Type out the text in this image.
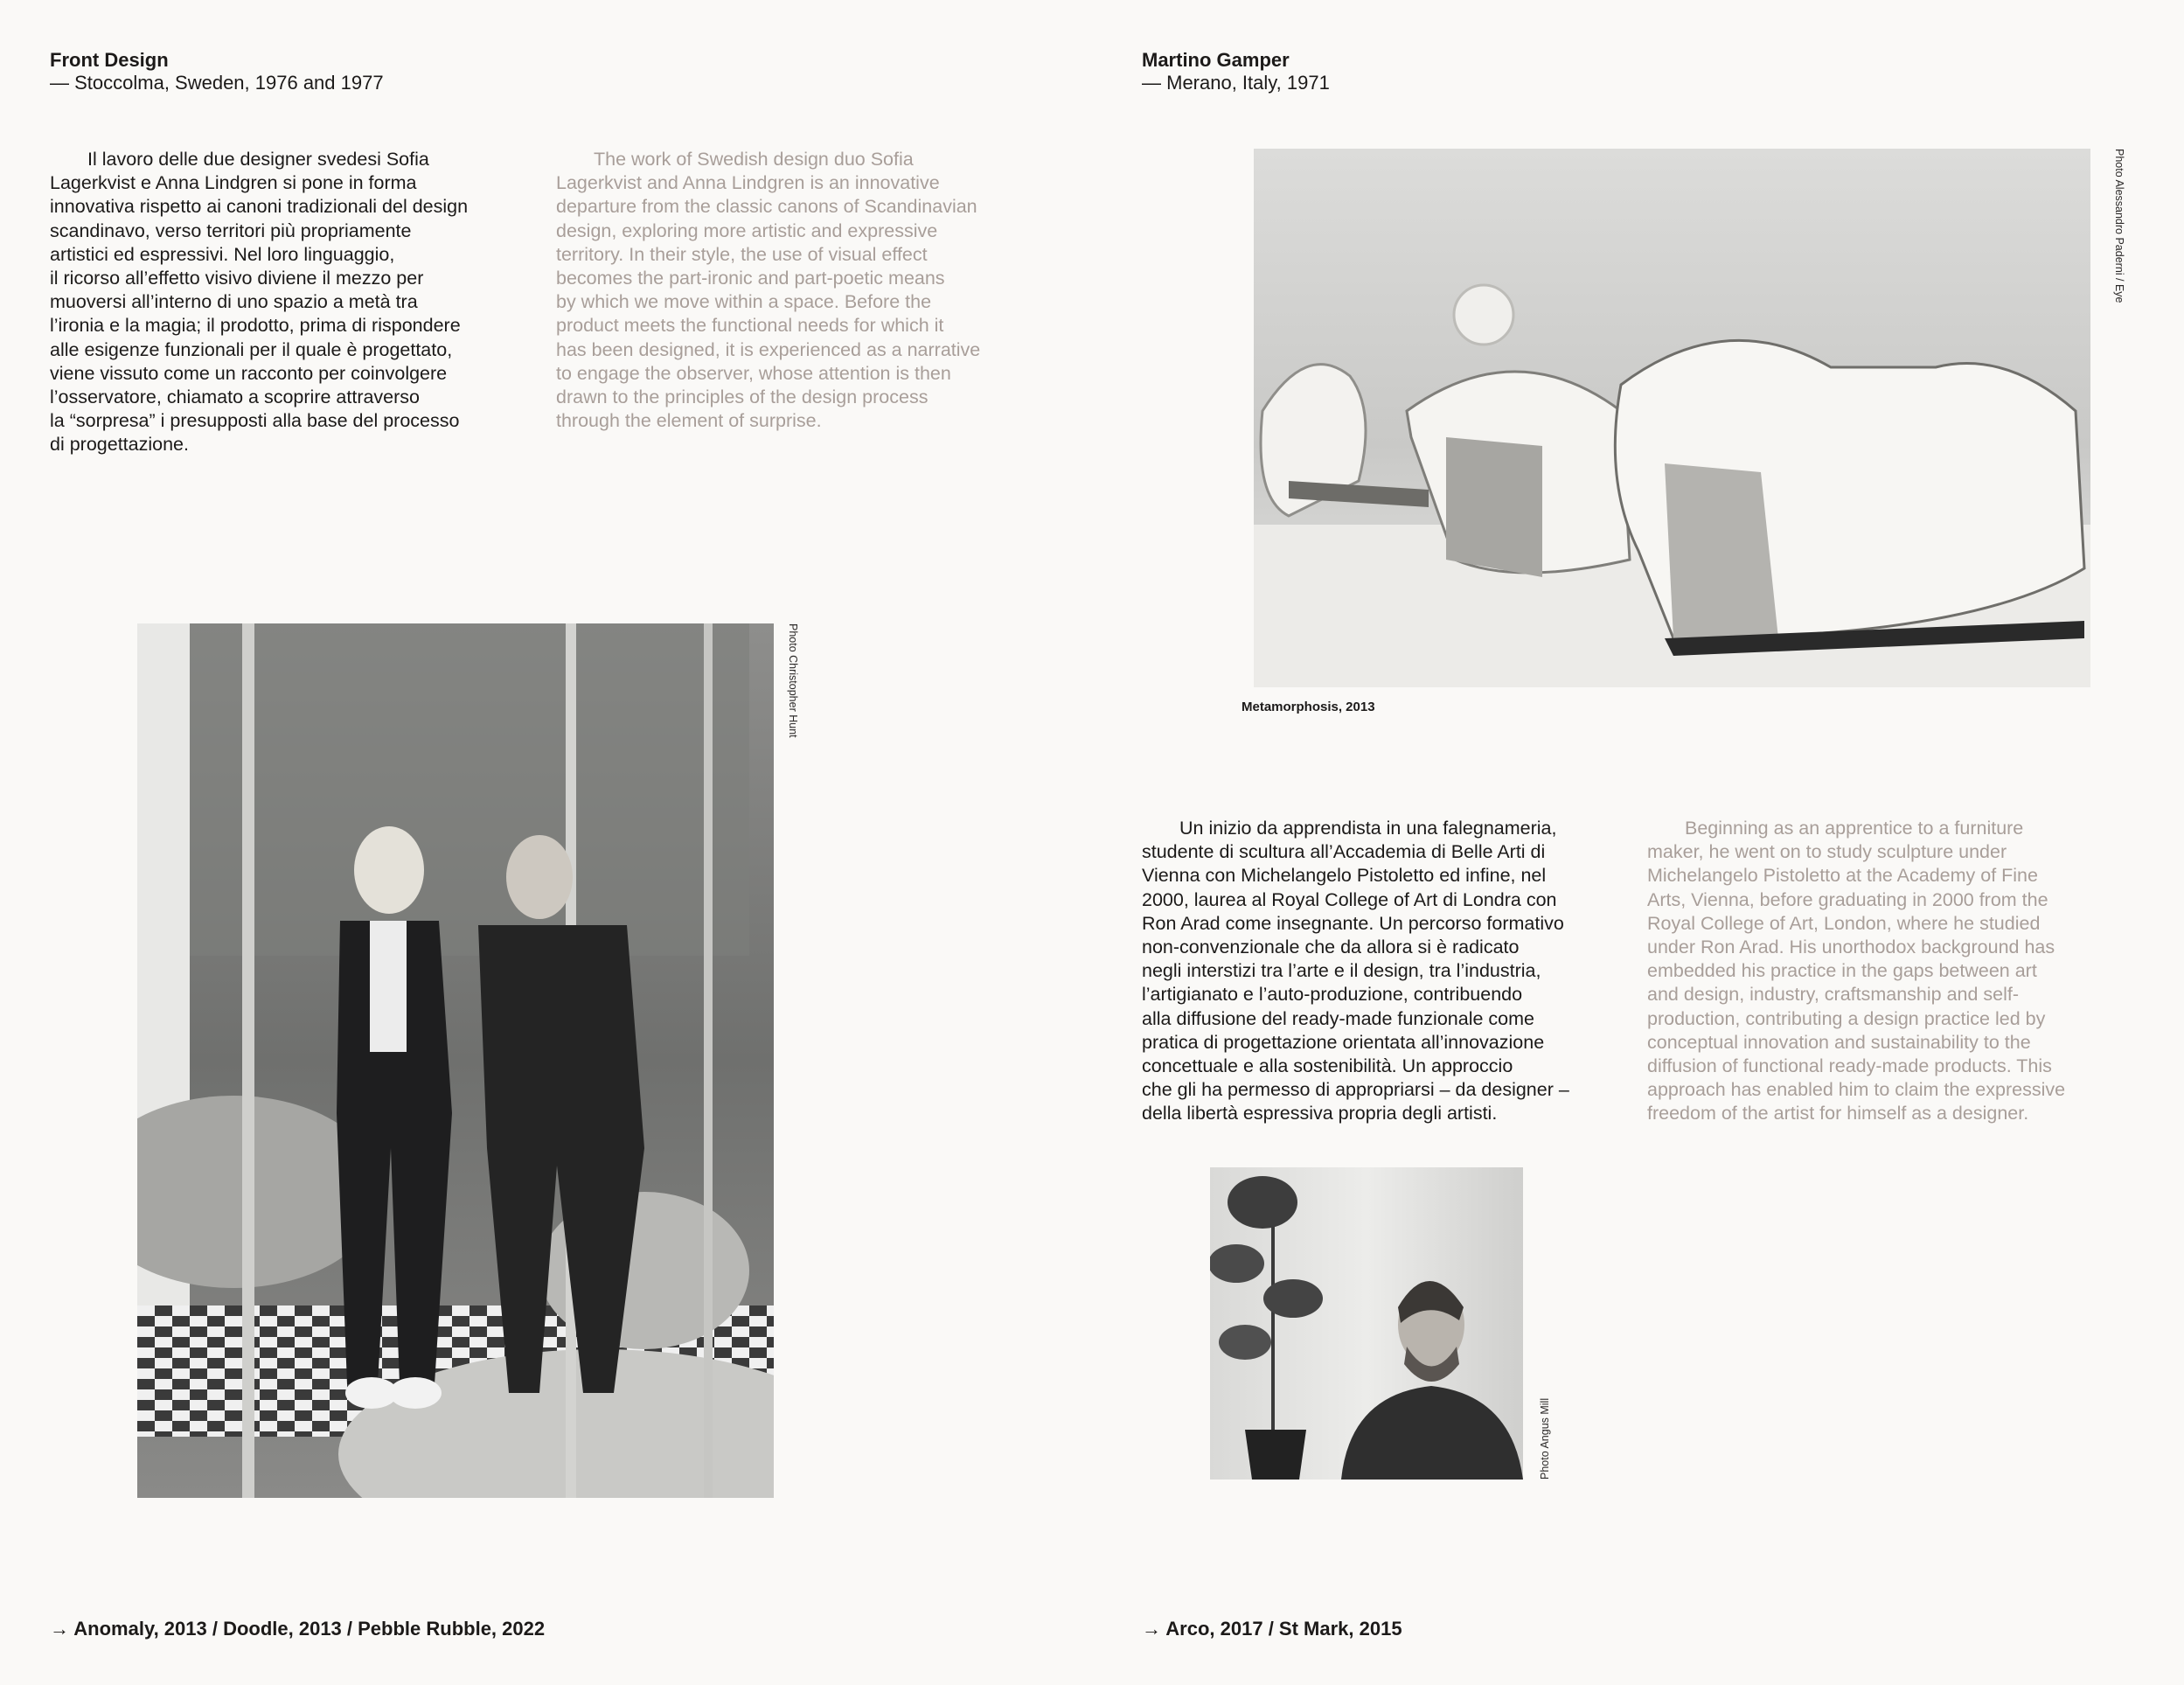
Front Design
— Stoccolma, Sweden, 1976 and 1977
  Il lavoro delle due designer svedesi Sofia
Lagerkvist e Anna Lindgren si pone in forma
innovativa rispetto ai canoni tradizionali del design
scandinavo, verso territori più propriamente
artistici ed espressivi. Nel loro linguaggio,
il ricorso all’effetto visivo diviene il mezzo per
muoversi all’interno di uno spazio a metà tra
l’ironia e la magia; il prodotto, prima di rispondere
alle esigenze funzionali per il quale è progettato,
viene vissuto come un racconto per coinvolgere
l’osservatore, chiamato a scoprire attraverso
la “sorpresa” i presupposti alla base del processo
di progettazione.
  The work of Swedish design duo Sofia
Lagerkvist and Anna Lindgren is an innovative
departure from the classic canons of Scandinavian
design, exploring more artistic and expressive
territory. In their style, the use of visual effect
becomes the part-ironic and part-poetic means
by which we move within a space. Before the
product meets the functional needs for which it
has been designed, it is experienced as a narrative
to engage the observer, whose attention is then
drawn to the principles of the design process
through the element of surprise.
Photo Christopher Hunt
→ Anomaly, 2013 / Doodle, 2013 / Pebble Rubble, 2022
Martino Gamper
— Merano, Italy, 1971
Photo Alessandro Paderni / Eye
Metamorphosis, 2013
  Un inizio da apprendista in una falegnameria,
studente di scultura all’Accademia di Belle Arti di
Vienna con Michelangelo Pistoletto ed infine, nel
2000, laurea al Royal College of Art di Londra con
Ron Arad come insegnante. Un percorso formativo
non-convenzionale che da allora si è radicato
negli interstizi tra l’arte e il design, tra l’industria,
l’artigianato e l’auto-produzione, contribuendo
alla diffusione del ready-made funzionale come
pratica di progettazione orientata all’innovazione
concettuale e alla sostenibilità. Un approccio
che gli ha permesso di appropriarsi – da designer –
della libertà espressiva propria degli artisti.
  Beginning as an apprentice to a furniture
maker, he went on to study sculpture under
Michelangelo Pistoletto at the Academy of Fine
Arts, Vienna, before graduating in 2000 from the
Royal College of Art, London, where he studied
under Ron Arad. His unorthodox background has
embedded his practice in the gaps between art
and design, industry, craftsmanship and self-
production, contributing a design practice led by
conceptual innovation and sustainability to the
diffusion of functional ready-made products. This
approach has enabled him to claim the expressive
freedom of the artist for himself as a designer.
Photo Angus Mill
→ Arco, 2017 / St Mark, 2015
